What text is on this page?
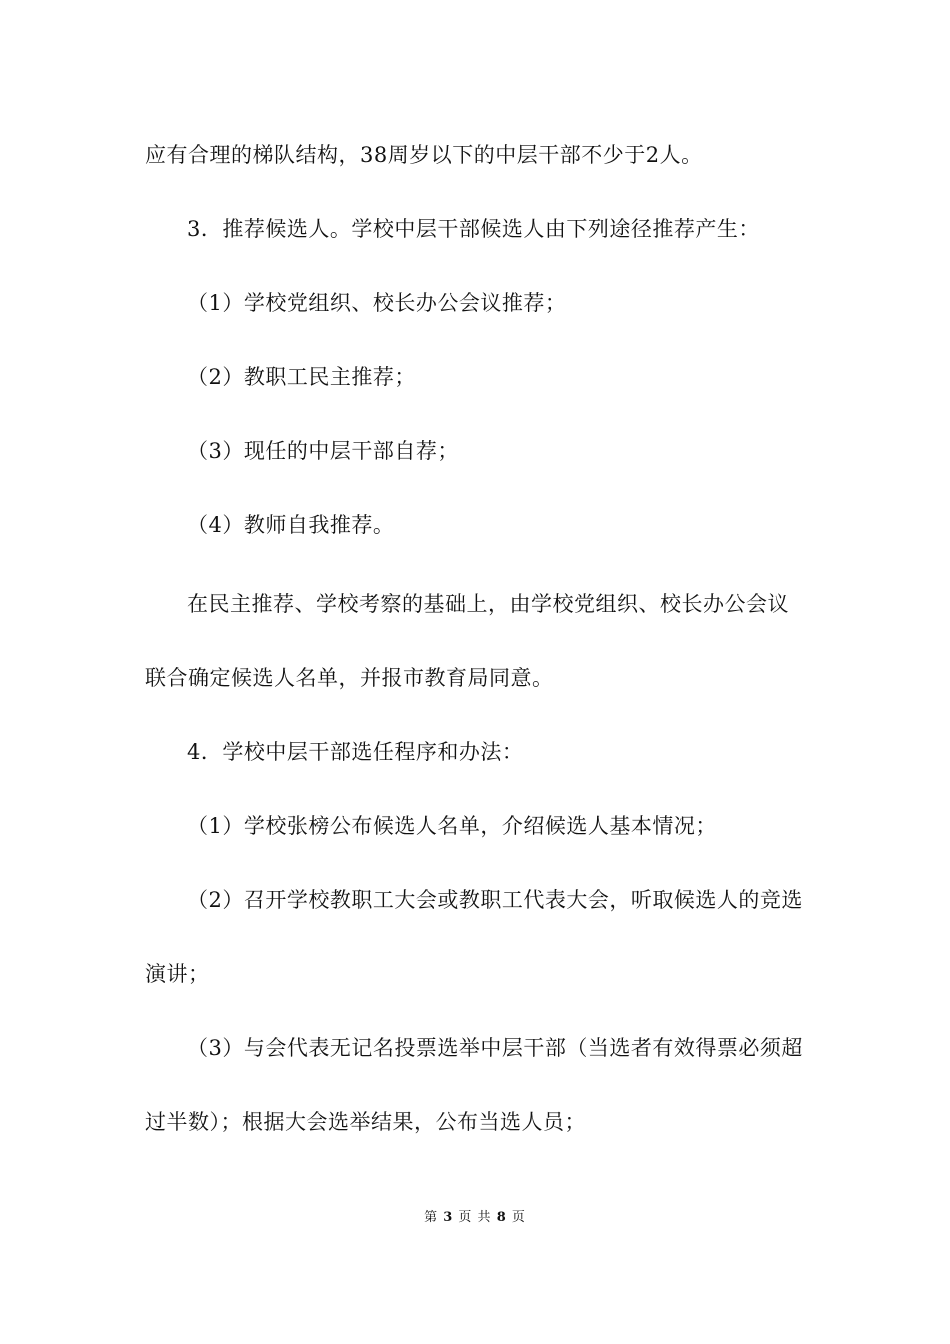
应有合理的梯队结构，38周岁以下的中层干部不少于2人。

3．推荐候选人。学校中层干部候选人由下列途径推荐产生：

（1）学校党组织、校长办公会议推荐；

（2）教职工民主推荐；

（3）现任的中层干部自荐；

（4）教师自我推荐。

在民主推荐、学校考察的基础上，由学校党组织、校长办公会议联合确定候选人名单，并报市教育局同意。

4．学校中层干部选任程序和办法：

（1）学校张榜公布候选人名单，介绍候选人基本情况；

（2）召开学校教职工大会或教职工代表大会，听取候选人的竞选演讲；

（3）与会代表无记名投票选举中层干部（当选者有效得票必须超过半数）；根据大会选举结果，公布当选人员；

第 3 页 共 8 页
